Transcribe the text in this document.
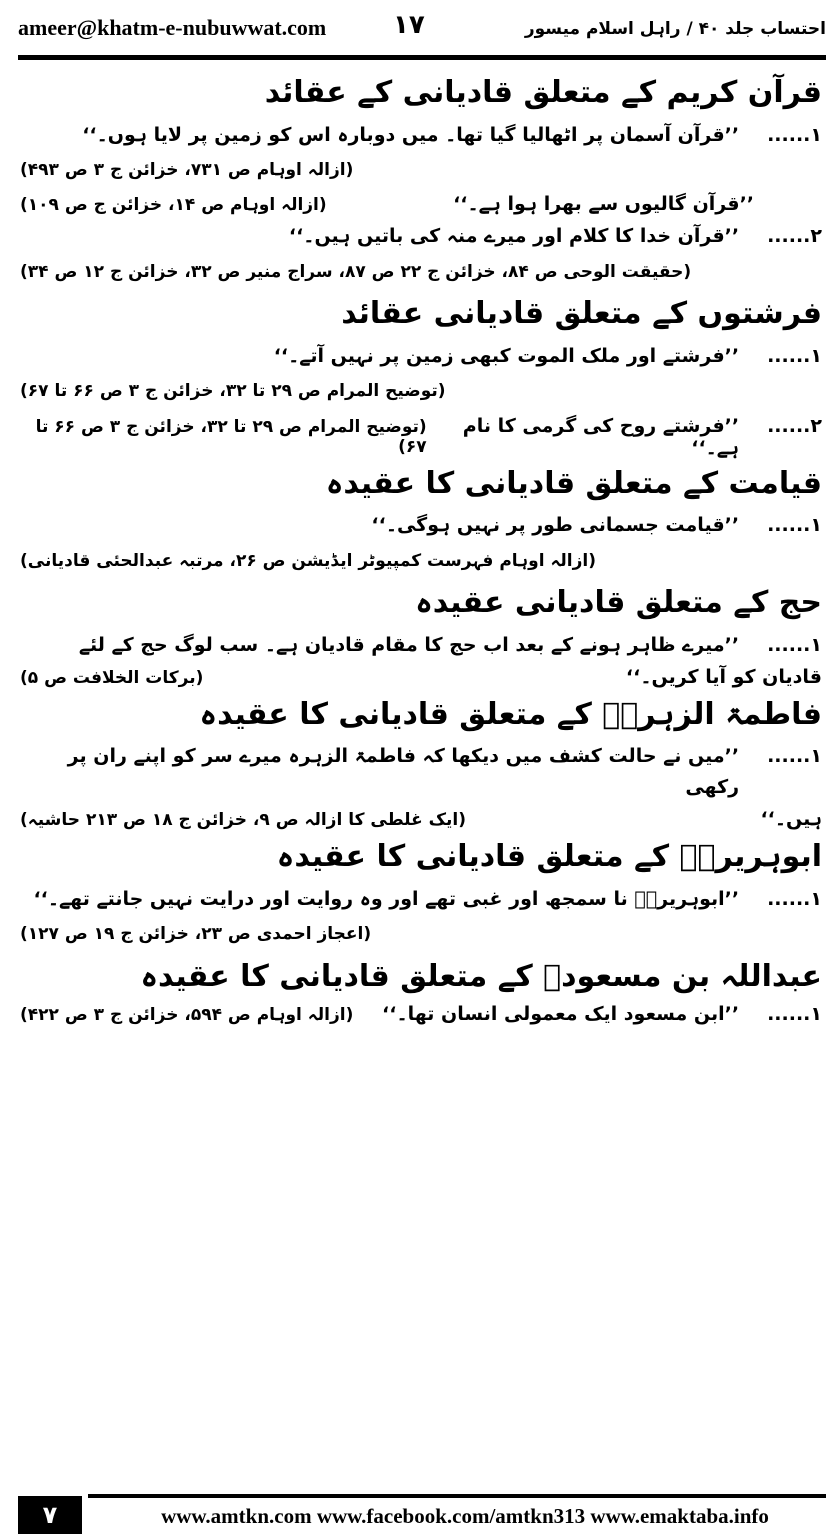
ameer@khatm-e-nubuwwat.com	۱۷	احتساب جلد ۴۰ / راہل اسلام میسور
قرآن کریم کے متعلق قادیانی کے عقائد
۱......
’’قرآن آسمان پر اٹھالیا گیا تھا۔ میں دوبارہ اس کو زمین پر لایا ہوں۔‘‘
(ازالہ اوہام ص ۷۳۱، خزائن ج ۳ ص ۴۹۳)
’’قرآن گالیوں سے بھرا ہوا ہے۔‘‘
(ازالہ اوہام ص ۱۴، خزائن ج ص ۱۰۹)
۲......
’’قرآن خدا کا کلام اور میرے منہ کی باتیں ہیں۔‘‘
(حقیقت الوحی ص ۸۴، خزائن ج ۲۲ ص ۸۷، سراج منیر ص ۳۲، خزائن ج ۱۲ ص ۳۴)
فرشتوں کے متعلق قادیانی عقائد
۱......
’’فرشتے اور ملک الموت کبھی زمین پر نہیں آتے۔‘‘
(توضیح المرام ص ۲۹ تا ۳۲، خزائن ج ۳ ص ۶۶ تا ۶۷)
۲......
’’فرشتے روح کی گرمی کا نام ہے۔‘‘
(توضیح المرام ص ۲۹ تا ۳۲، خزائن ج ۳ ص ۶۶ تا ۶۷)
قیامت کے متعلق قادیانی کا عقیدہ
۱......
’’قیامت جسمانی طور پر نہیں ہوگی۔‘‘
(ازالہ اوہام فہرست کمپیوٹر ایڈیشن ص ۲۶، مرتبہ عبدالحئی قادیانی)
حج کے متعلق قادیانی عقیدہ
۱......
’’میرے ظاہر ہونے کے بعد اب حج کا مقام قادیان ہے۔ سب لوگ حج کے لئے
قادیان کو آیا کریں۔‘‘
(برکات الخلافت ص ۵)
فاطمۃ الزہرہؓ کے متعلق قادیانی کا عقیدہ
۱......
’’میں نے حالت کشف میں دیکھا کہ فاطمۃ الزہرہ میرے سر کو اپنے ران پر رکھی
ہیں۔‘‘
(ایک غلطی کا ازالہ ص ۹، خزائن ج ۱۸ ص ۲۱۳ حاشیہ)
ابوہریرہؓ کے متعلق قادیانی کا عقیدہ
۱......
’’ابوہریرہؓ نا سمجھ اور غبی تھے اور وہ روایت اور درایت نہیں جانتے تھے۔‘‘
(اعجاز احمدی ص ۲۳، خزائن ج ۱۹ ص ۱۲۷)
عبداللہ بن مسعودؓ کے متعلق قادیانی کا عقیدہ
۱......
’’ابن مسعود ایک معمولی انسان تھا۔‘‘
(ازالہ اوہام ص ۵۹۴، خزائن ج ۳ ص ۴۲۲)
۷	www.amtkn.com www.facebook.com/amtkn313 www.emaktaba.info
